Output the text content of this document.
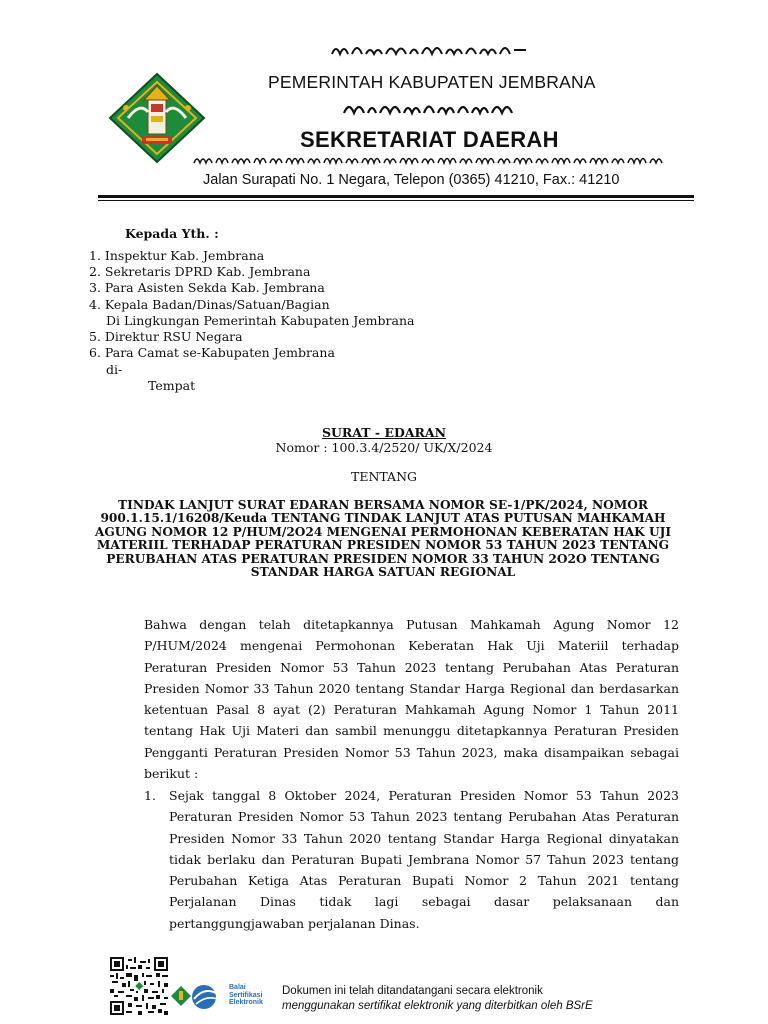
PEMERINTAH KABUPATEN JEMBRANA
SEKRETARIAT DAERAH
Jalan Surapati No. 1 Negara, Telepon (0365) 41210, Fax.: 41210
Kepada Yth. :
1. Inspektur Kab. Jembrana
2. Sekretaris DPRD Kab. Jembrana
3. Para Asisten Sekda Kab. Jembrana
4. Kepala Badan/Dinas/Satuan/Bagian
Di Lingkungan Pemerintah Kabupaten Jembrana
5. Direktur RSU Negara
6. Para Camat se-Kabupaten Jembrana
di-
Tempat
SURAT - EDARAN
Nomor : 100.3.4/2520/ UK/X/2024
TENTANG
TINDAK LANJUT SURAT EDARAN BERSAMA NOMOR SE-1/PK/2024, NOMOR 900.1.15.1/16208/Keuda TENTANG TINDAK LANJUT ATAS PUTUSAN MAHKAMAH AGUNG NOMOR 12 P/HUM/2O24 MENGENAI PERMOHONAN KEBERATAN HAK UJI MATERIIL TERHADAP PERATURAN PRESIDEN NOMOR 53 TAHUN 2023 TENTANG PERUBAHAN ATAS PERATURAN PRESIDEN NOMOR 33 TAHUN 2O2O TENTANG STANDAR HARGA SATUAN REGIONAL

Bahwa dengan telah ditetapkannya Putusan Mahkamah Agung Nomor 12 P/HUM/2024 mengenai Permohonan Keberatan Hak Uji Materiil terhadap Peraturan Presiden Nomor 53 Tahun 2023 tentang Perubahan Atas Peraturan Presiden Nomor 33 Tahun 2020 tentang Standar Harga Regional dan berdasarkan ketentuan Pasal 8 ayat (2) Peraturan Mahkamah Agung Nomor 1 Tahun 2011 tentang Hak Uji Materi dan sambil menunggu ditetapkannya Peraturan Presiden Pengganti Peraturan Presiden Nomor 53 Tahun 2023, maka disampaikan sebagai berikut :

1.	Sejak tanggal 8 Oktober 2024, Peraturan Presiden Nomor 53 Tahun 2023 Peraturan Presiden Nomor 53 Tahun 2023 tentang Perubahan Atas Peraturan Presiden Nomor 33 Tahun 2020 tentang Standar Harga Regional dinyatakan tidak berlaku dan Peraturan Bupati Jembrana Nomor 57 Tahun 2023 tentang Perubahan Ketiga Atas Peraturan Bupati Nomor 2 Tahun 2021 tentang Perjalanan Dinas tidak lagi sebagai dasar pelaksanaan dan pertanggungjawaban perjalanan Dinas.
Balai
Sertifikasi
Elektronik
Dokumen ini telah ditandatangani secara elektronik
menggunakan sertifikat elektronik yang diterbitkan oleh BSrE
